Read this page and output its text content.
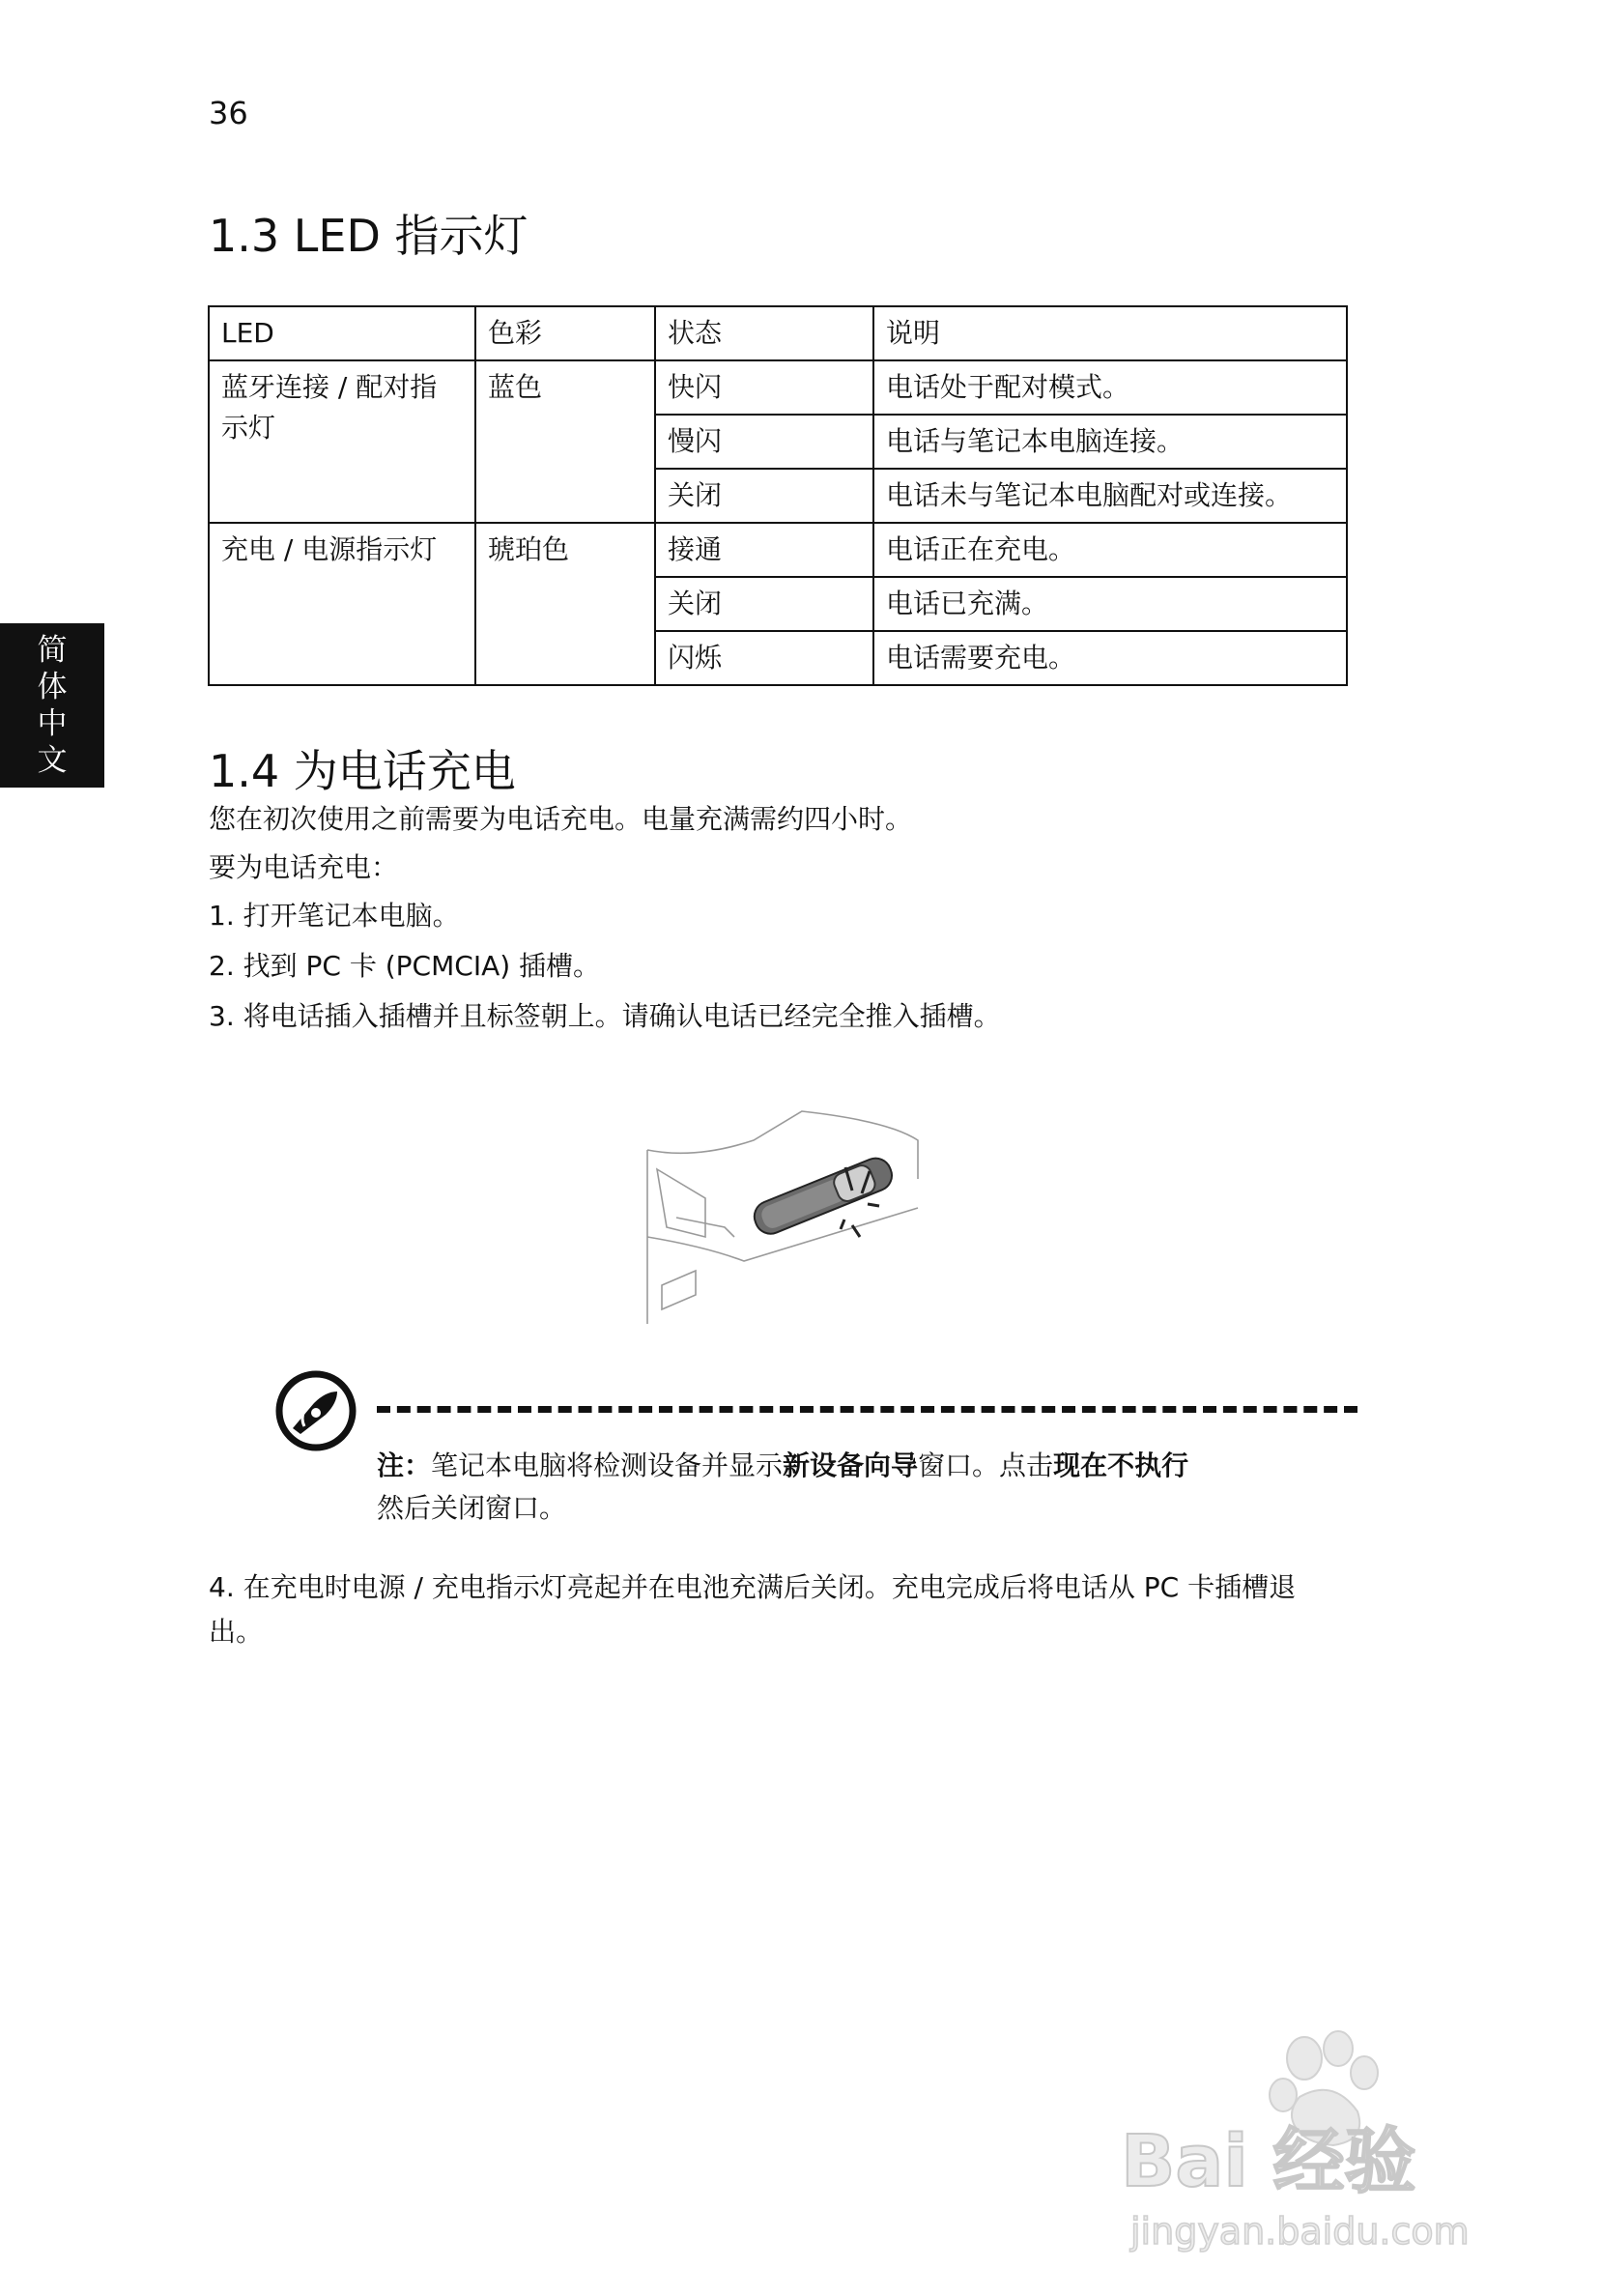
36
简
体
中
文
1.3 LED 指示灯
LED	色彩	状态	说明
蓝牙连接 / 配对指示灯	蓝色	快闪	电话处于配对模式。
		慢闪	电话与笔记本电脑连接。
		关闭	电话未与笔记本电脑配对或连接。
充电 / 电源指示灯	琥珀色	接通	电话正在充电。
		关闭	电话已充满。
		闪烁	电话需要充电。
1.4 为电话充电
您在初次使用之前需要为电话充电。电量充满需约四小时。
要为电话充电：
1. 打开笔记本电脑。
2. 找到 PC 卡 (PCMCIA) 插槽。
3. 将电话插入插槽并且标签朝上。请确认电话已经完全推入插槽。
注：笔记本电脑将检测设备并显示新设备向导窗口。点击现在不执行
然后关闭窗口。
4. 在充电时电源 / 充电指示灯亮起并在电池充满后关闭。充电完成后将电话从 PC 卡插槽退出。
Bai 经验
jingyan.baidu.com
